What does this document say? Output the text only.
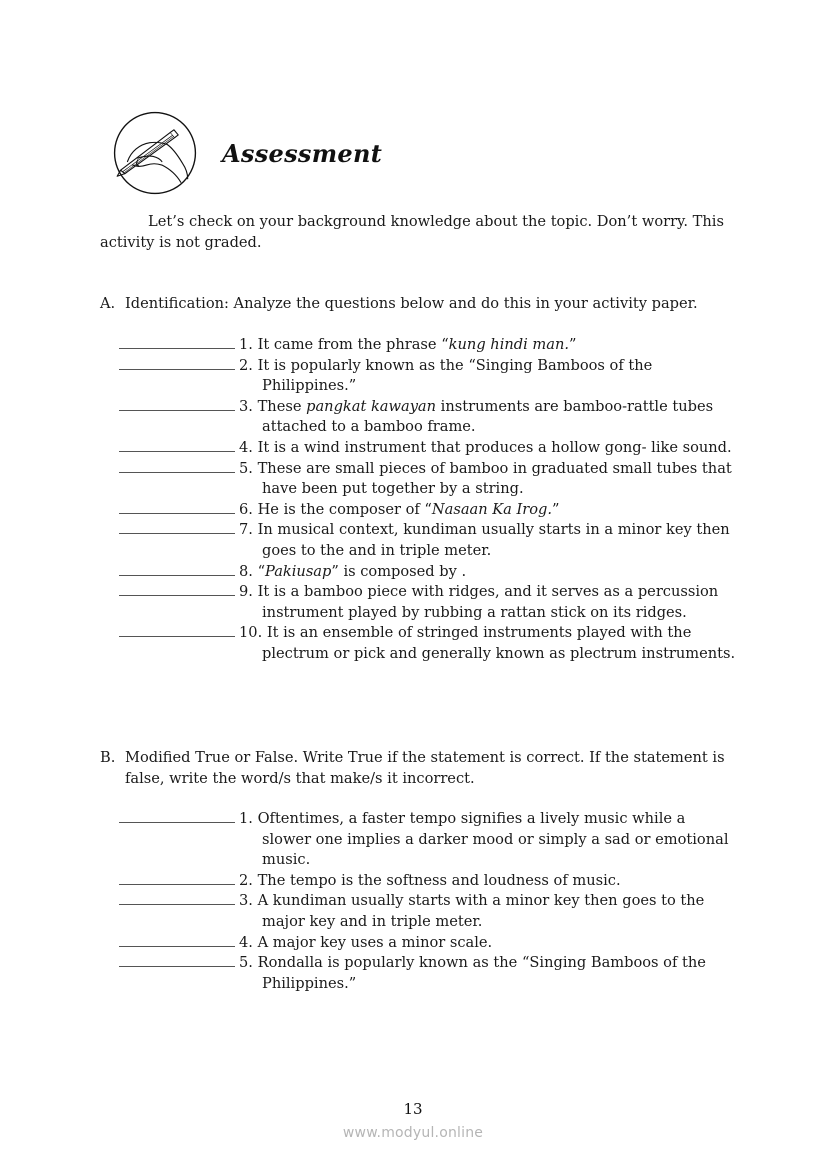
Assessment

Let’s check on your background knowledge about the topic. Don’t worry. This activity is not graded.

A. Identification: Analyze the questions below and do this in your activity paper.
1. It came from the phrase “kung hindi man.”
2. It is popularly known as the “Singing Bamboos of the Philippines.”
3. These pangkat kawayan instruments are bamboo-rattle tubes attached to a bamboo frame.
4. It is a wind instrument that produces a hollow gong- like sound.
5. These are small pieces of bamboo in graduated small tubes that have been put together by a string.
6. He is the composer of “Nasaan Ka Irog.”
7. In musical context, kundiman usually starts in a minor key then goes to the and in triple meter.
8. “Pakiusap” is composed by .
9. It is a bamboo piece with ridges, and it serves as a percussion instrument played by rubbing a rattan stick on its ridges.
10. It is an ensemble of stringed instruments played with the plectrum or pick and generally known as plectrum instruments.
B. Modified True or False. Write True if the statement is correct. If the statement is false, write the word/s that make/s it incorrect.
1. Oftentimes, a faster tempo signifies a lively music while a slower one implies a darker mood or simply a sad or emotional music.
2. The tempo is the softness and loudness of music.
3. A kundiman usually starts with a minor key then goes to the major key and in triple meter.
4. A major key uses a minor scale.
5. Rondalla is popularly known as the “Singing Bamboos of the Philippines.”
13
www.modyul.online
